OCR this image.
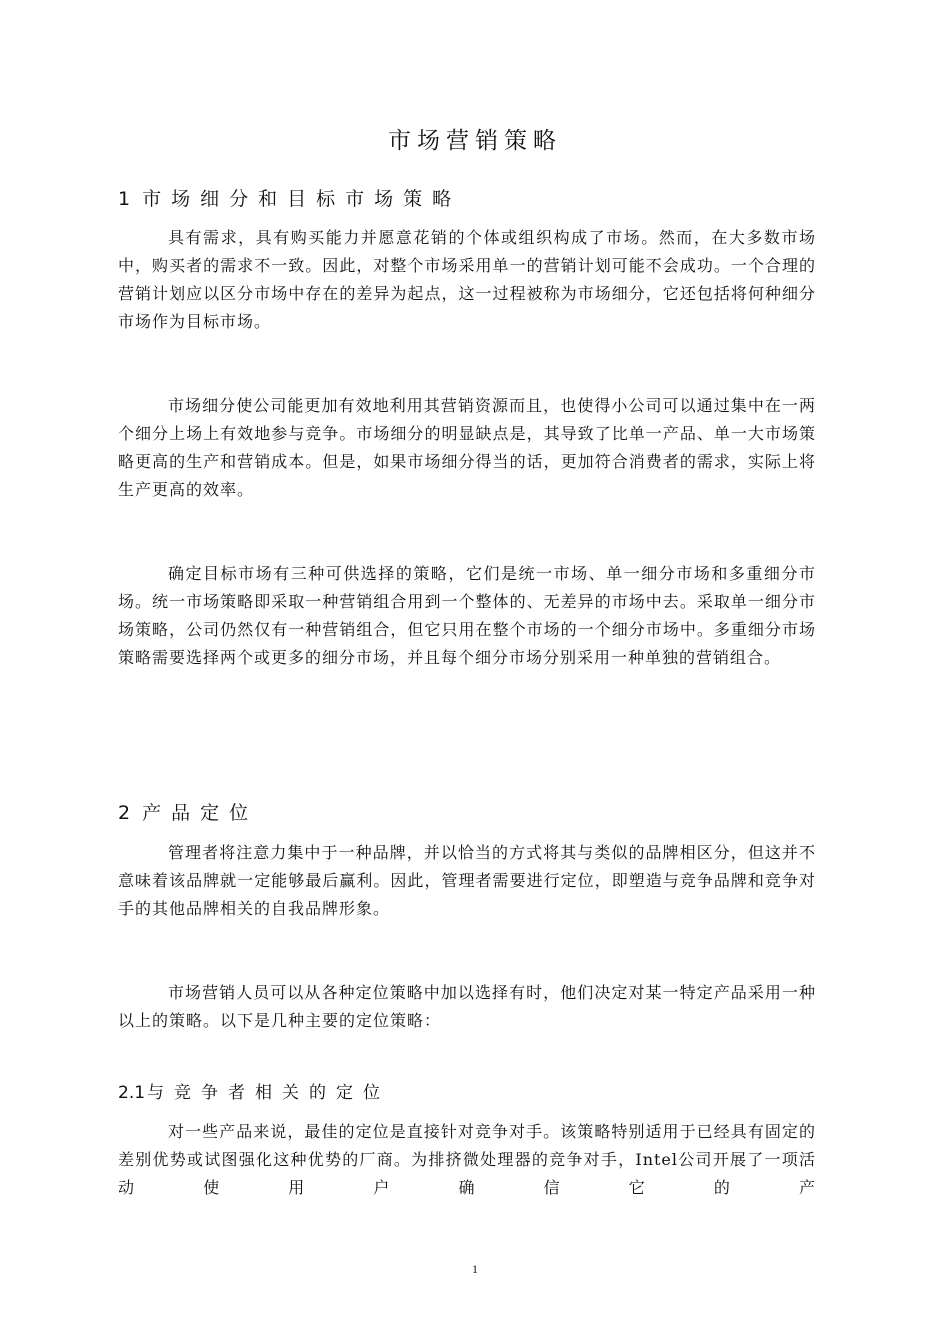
市场营销策略
1 市场细分和目标市场策略

具有需求，具有购买能力并愿意花销的个体或组织构成了市场。然而，在大多数市场中，购买者的需求不一致。因此，对整个市场采用单一的营销计划可能不会成功。一个合理的营销计划应以区分市场中存在的差异为起点，这一过程被称为市场细分，它还包括将何种细分市场作为目标市场。

市场细分使公司能更加有效地利用其营销资源而且，也使得小公司可以通过集中在一两个细分上场上有效地参与竞争。市场细分的明显缺点是，其导致了比单一产品、单一大市场策略更高的生产和营销成本。但是，如果市场细分得当的话，更加符合消费者的需求，实际上将生产更高的效率。

确定目标市场有三种可供选择的策略，它们是统一市场、单一细分市场和多重细分市场。统一市场策略即采取一种营销组合用到一个整体的、无差异的市场中去。采取单一细分市场策略，公司仍然仅有一种营销组合，但它只用在整个市场的一个细分市场中。多重细分市场策略需要选择两个或更多的细分市场，并且每个细分市场分别采用一种单独的营销组合。

2 产品定位

管理者将注意力集中于一种品牌，并以恰当的方式将其与类似的品牌相区分，但这并不意味着该品牌就一定能够最后赢利。因此，管理者需要进行定位，即塑造与竞争品牌和竞争对手的其他品牌相关的自我品牌形象。

市场营销人员可以从各种定位策略中加以选择有时，他们决定对某一特定产品采用一种以上的策略。以下是几种主要的定位策略：

2.1 与竞争者相关的定位

对一些产品来说，最佳的定位是直接针对竞争对手。该策略特别适用于已经具有固定的差别优势或试图强化这种优势的厂商。为排挤微处理器的竞争对手，Intel公司开展了一项活动使用户确信它的产

1
